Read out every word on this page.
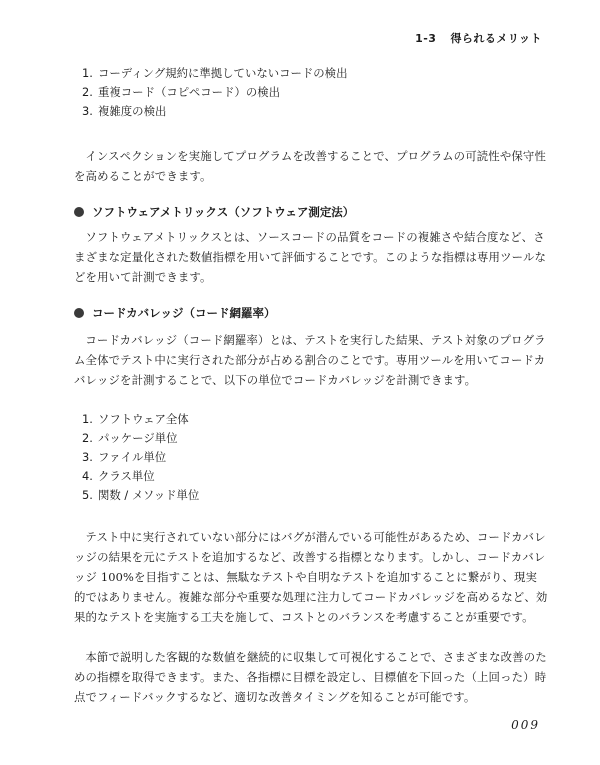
1-3 得られるメリット
1. コーディング規約に準拠していないコードの検出
2. 重複コード（コピペコード）の検出
3. 複雑度の検出

インスペクションを実施してプログラムを改善することで、プログラムの可読性や保守性を高めることができます。

ソフトウェアメトリックス（ソフトウェア測定法）

ソフトウェアメトリックスとは、ソースコードの品質をコードの複雑さや結合度など、さまざまな定量化された数値指標を用いて評価することです。このような指標は専用ツールなどを用いて計測できます。

コードカバレッジ（コード網羅率）

コードカバレッジ（コード網羅率）とは、テストを実行した結果、テスト対象のプログラム全体でテスト中に実行された部分が占める割合のことです。専用ツールを用いてコードカバレッジを計測することで、以下の単位でコードカバレッジを計測できます。

1. ソフトウェア全体
2. パッケージ単位
3. ファイル単位
4. クラス単位
5. 関数 / メソッド単位

テスト中に実行されていない部分にはバグが潜んでいる可能性があるため、コードカバレッジの結果を元にテストを追加するなど、改善する指標となります。しかし、コードカバレッジ 100%を目指すことは、無駄なテストや自明なテストを追加することに繋がり、現実的ではありません。複雑な部分や重要な処理に注力してコードカバレッジを高めるなど、効果的なテストを実施する工夫を施して、コストとのバランスを考慮することが重要です。

本節で説明した客観的な数値を継続的に収集して可視化することで、さまざまな改善のための指標を取得できます。また、各指標に目標を設定し、目標値を下回った（上回った）時点でフィードバックするなど、適切な改善タイミングを知ることが可能です。

009
